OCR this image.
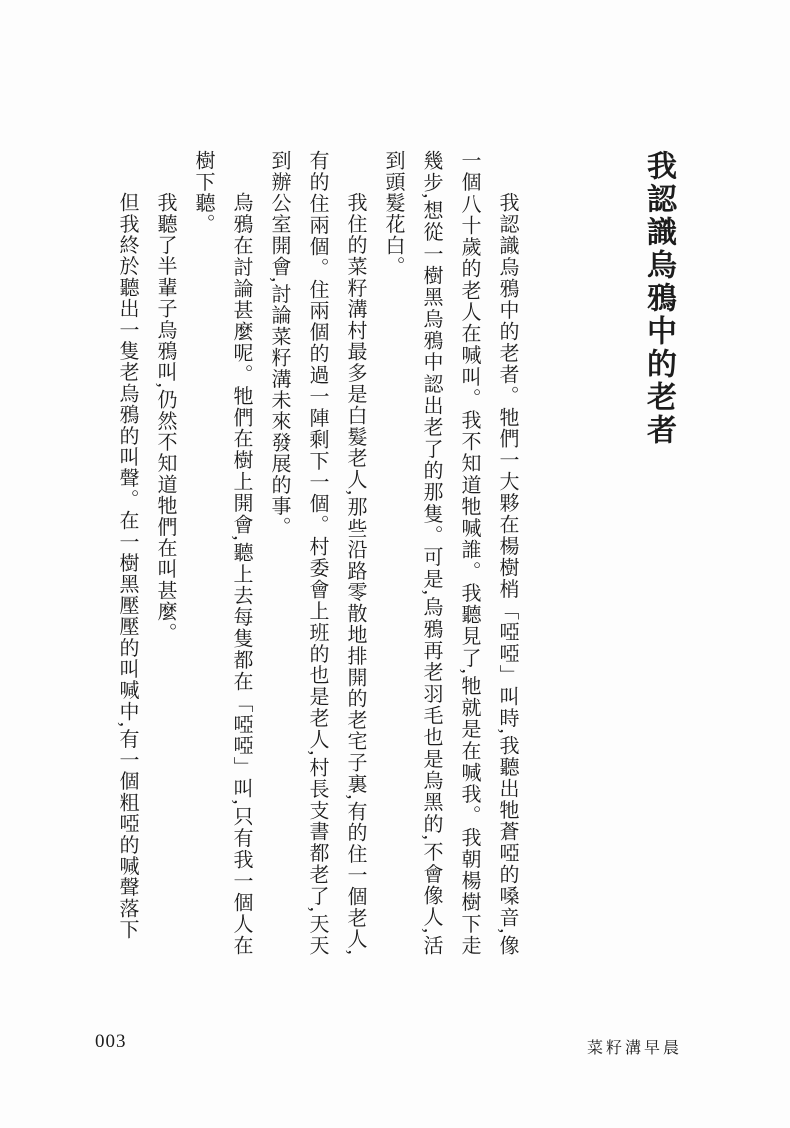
我認識烏鴉中的老者

我認識烏鴉中的老者。牠們一大夥在楊樹梢「啞啞」叫時,我聽出牠蒼啞的嗓音,像一個八十歲的老人在喊叫。我不知道牠喊誰。我聽見了,牠就是在喊我。我朝楊樹下走幾步,想從一樹黑烏鴉中認出老了的那隻。可是,烏鴉再老羽毛也是烏黑的,不會像人,活到頭髮花白。

我住的菜籽溝村最多是白髮老人,那些沿路零散地排開的老宅子裏,有的住一個老人,有的住兩個。住兩個的過一陣剩下一個。村委會上班的也是老人,村長支書都老了,天天到辦公室開會,討論菜籽溝未來發展的事。

烏鴉在討論甚麼呢。牠們在樹上開會,聽上去每隻都在「啞啞」叫,只有我一個人在樹下聽。

我聽了半輩子烏鴉叫,仍然不知道牠們在叫甚麼。

但我終於聽出一隻老烏鴉的叫聲。在一樹黑壓壓的叫喊中,有一個粗啞的喊聲落下

003	菜籽溝早晨
